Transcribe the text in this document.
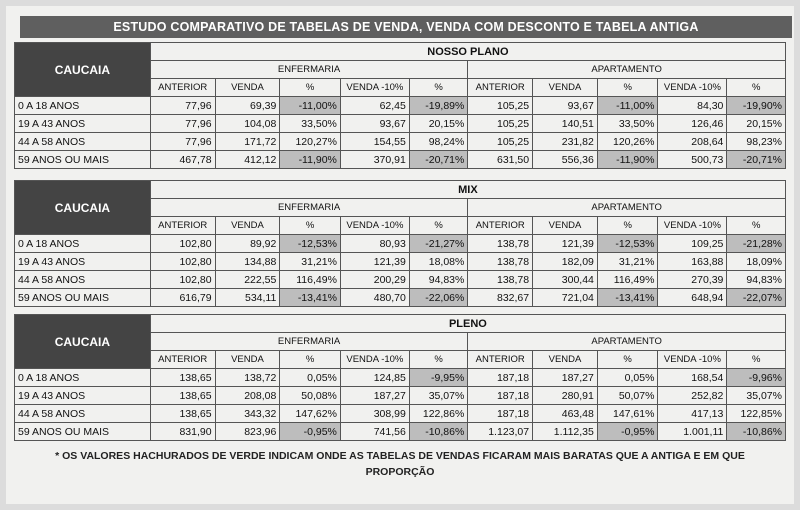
ESTUDO COMPARATIVO DE TABELAS DE VENDA, VENDA COM DESCONTO E TABELA ANTIGA
CAUCAIA	NOSSO PLANO									
	ENFERMARIA					APARTAMENTO				
	ANTERIOR	VENDA	%	VENDA -10%	%	ANTERIOR	VENDA	%	VENDA -10%	%
0 A 18 ANOS	77,96	69,39	-11,00%	62,45	-19,89%	105,25	93,67	-11,00%	84,30	-19,90%
19 A 43 ANOS	77,96	104,08	33,50%	93,67	20,15%	105,25	140,51	33,50%	126,46	20,15%
44 A 58 ANOS	77,96	171,72	120,27%	154,55	98,24%	105,25	231,82	120,26%	208,64	98,23%
59 ANOS OU MAIS	467,78	412,12	-11,90%	370,91	-20,71%	631,50	556,36	-11,90%	500,73	-20,71%
CAUCAIA	MIX									
	ENFERMARIA					APARTAMENTO				
	ANTERIOR	VENDA	%	VENDA -10%	%	ANTERIOR	VENDA	%	VENDA -10%	%
0 A 18 ANOS	102,80	89,92	-12,53%	80,93	-21,27%	138,78	121,39	-12,53%	109,25	-21,28%
19 A 43 ANOS	102,80	134,88	31,21%	121,39	18,08%	138,78	182,09	31,21%	163,88	18,09%
44 A 58 ANOS	102,80	222,55	116,49%	200,29	94,83%	138,78	300,44	116,49%	270,39	94,83%
59 ANOS OU MAIS	616,79	534,11	-13,41%	480,70	-22,06%	832,67	721,04	-13,41%	648,94	-22,07%
CAUCAIA	PLENO									
	ENFERMARIA					APARTAMENTO				
	ANTERIOR	VENDA	%	VENDA -10%	%	ANTERIOR	VENDA	%	VENDA -10%	%
0 A 18 ANOS	138,65	138,72	0,05%	124,85	-9,95%	187,18	187,27	0,05%	168,54	-9,96%
19 A 43 ANOS	138,65	208,08	50,08%	187,27	35,07%	187,18	280,91	50,07%	252,82	35,07%
44 A 58 ANOS	138,65	343,32	147,62%	308,99	122,86%	187,18	463,48	147,61%	417,13	122,85%
59 ANOS OU MAIS	831,90	823,96	-0,95%	741,56	-10,86%	1.123,07	1.112,35	-0,95%	1.001,11	-10,86%
* OS VALORES HACHURADOS DE VERDE INDICAM ONDE AS TABELAS DE VENDAS FICARAM MAIS BARATAS QUE A ANTIGA E EM QUE PROPORÇÃO
